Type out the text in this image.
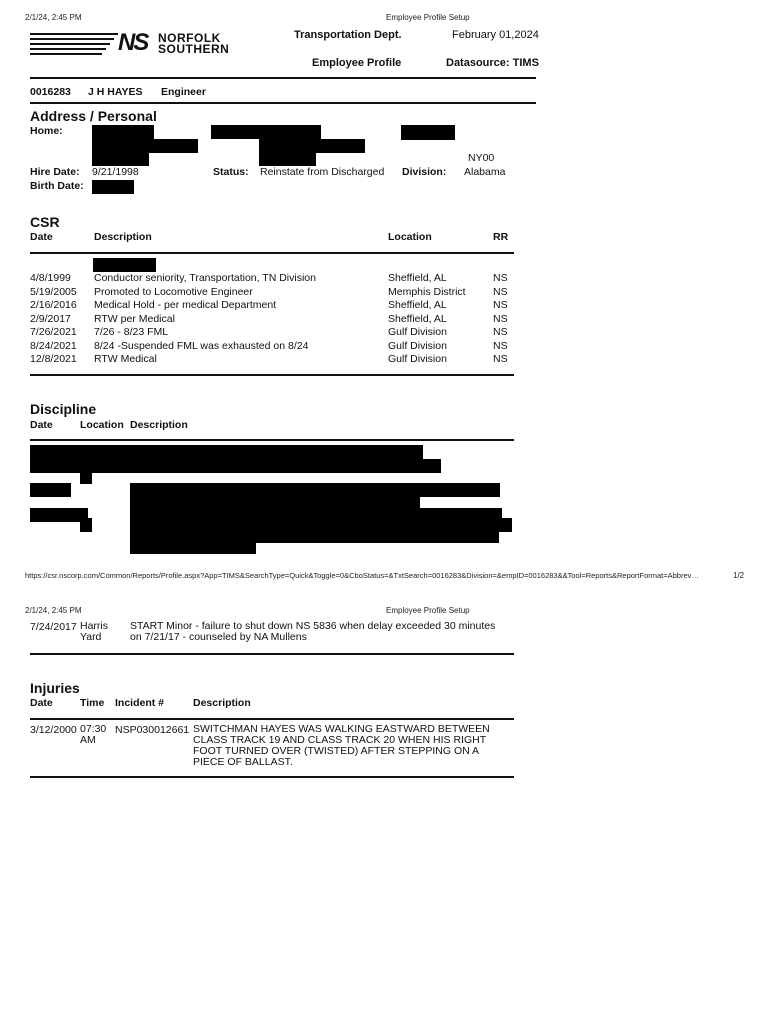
2/1/24, 2:45 PM	Employee Profile Setup
NS NORFOLK
SOUTHERN
Transportation Dept.	February 01,2024
Employee Profile	Datasource: TIMS
0016283 J H HAYES Engineer
Address / Personal
Home:
NY00
Hire Date: 9/21/1998	Status: Reinstate from Discharged Division: Alabama
Birth Date:
CSR
Date	Description	Location	RR
4/8/1999 Conductor seniority, Transportation, TN Division	Sheffield, AL	NS
5/19/2005 Promoted to Locomotive Engineer	Memphis District	NS
2/16/2016 Medical Hold - per medical Department	Sheffield, AL	NS
2/9/2017 RTW per Medical	Sheffield, AL	NS
7/26/2021 7/26 - 8/23 FML	Gulf Division	NS
8/24/2021 8/24 -Suspended FML was exhausted on 8/24	Gulf Division	NS
12/8/2021 RTW Medical	Gulf Division	NS
Discipline
Date	Location Description
https://csr.nscorp.com/Common/Reports/Profile.aspx?App=TIMS&SearchType=Quick&Toggle=0&CboStatus=&TxtSearch=0016283&Division=&empID=0016283&&Tool=Reports&ReportFormat=Abbrev…	1/2
2/1/24, 2:45 PM	Employee Profile Setup
7/24/2017 Harris Yard
START Minor - failure to shut down NS 5836 when delay exceeded 30 minutes on 7/21/17 - counseled by NA Mullens
Injuries
Date	Time Incident #	Description
3/12/2000 07:30 AM
NSP030012661 SWITCHMAN HAYES WAS WALKING EASTWARD BETWEEN CLASS TRACK 19 AND CLASS TRACK 20 WHEN HIS RIGHT FOOT TURNED OVER (TWISTED) AFTER STEPPING ON A PIECE OF BALLAST.
